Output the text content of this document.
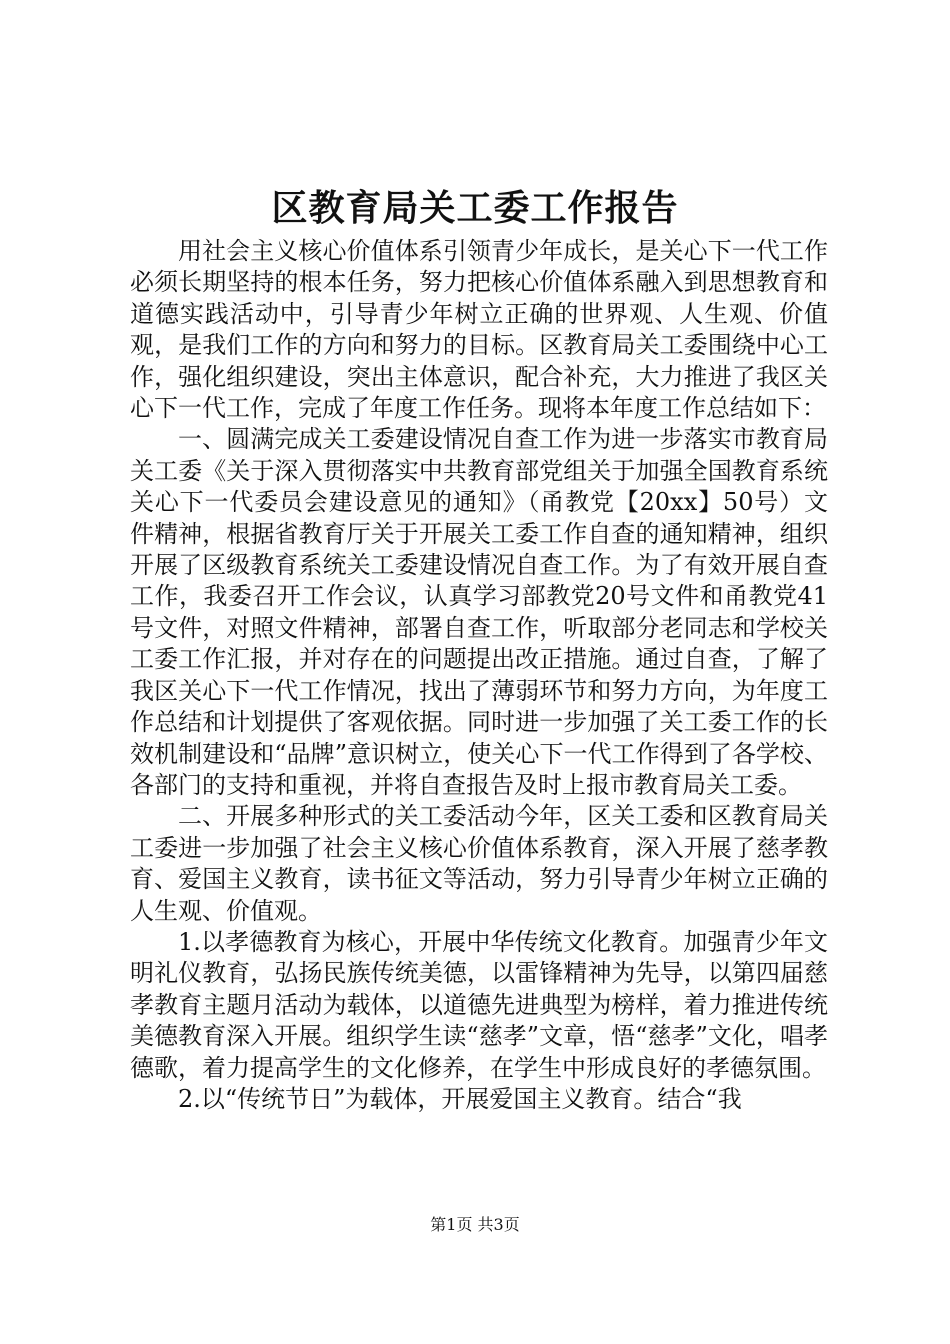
区教育局关工委工作报告

用社会主义核心价值体系引领青少年成长，是关心下一代工作必须长期坚持的根本任务，努力把核心价值体系融入到思想教育和道德实践活动中，引导青少年树立正确的世界观、人生观、价值观，是我们工作的方向和努力的目标。区教育局关工委围绕中心工作，强化组织建设，突出主体意识，配合补充，大力推进了我区关心下一代工作，完成了年度工作任务。现将本年度工作总结如下：

一、圆满完成关工委建设情况自查工作为进一步落实市教育局关工委《关于深入贯彻落实中共教育部党组关于加强全国教育系统关心下一代委员会建设意见的通知》（甬教党【20xx】50号）文件精神，根据省教育厅关于开展关工委工作自查的通知精神，组织开展了区级教育系统关工委建设情况自查工作。为了有效开展自查工作，我委召开工作会议，认真学习部教党20号文件和甬教党41号文件，对照文件精神，部署自查工作，听取部分老同志和学校关工委工作汇报，并对存在的问题提出改正措施。通过自查，了解了我区关心下一代工作情况，找出了薄弱环节和努力方向，为年度工作总结和计划提供了客观依据。同时进一步加强了关工委工作的长效机制建设和“品牌”意识树立，使关心下一代工作得到了各学校、各部门的支持和重视，并将自查报告及时上报市教育局关工委。

二、开展多种形式的关工委活动今年，区关工委和区教育局关工委进一步加强了社会主义核心价值体系教育，深入开展了慈孝教育、爱国主义教育，读书征文等活动，努力引导青少年树立正确的人生观、价值观。

1.以孝德教育为核心，开展中华传统文化教育。加强青少年文明礼仪教育，弘扬民族传统美德，以雷锋精神为先导，以第四届慈孝教育主题月活动为载体，以道德先进典型为榜样，着力推进传统美德教育深入开展。组织学生读“慈孝”文章，悟“慈孝”文化，唱孝德歌，着力提高学生的文化修养，在学生中形成良好的孝德氛围。

2.以“传统节日”为载体，开展爱国主义教育。结合“我

第1页 共3页
